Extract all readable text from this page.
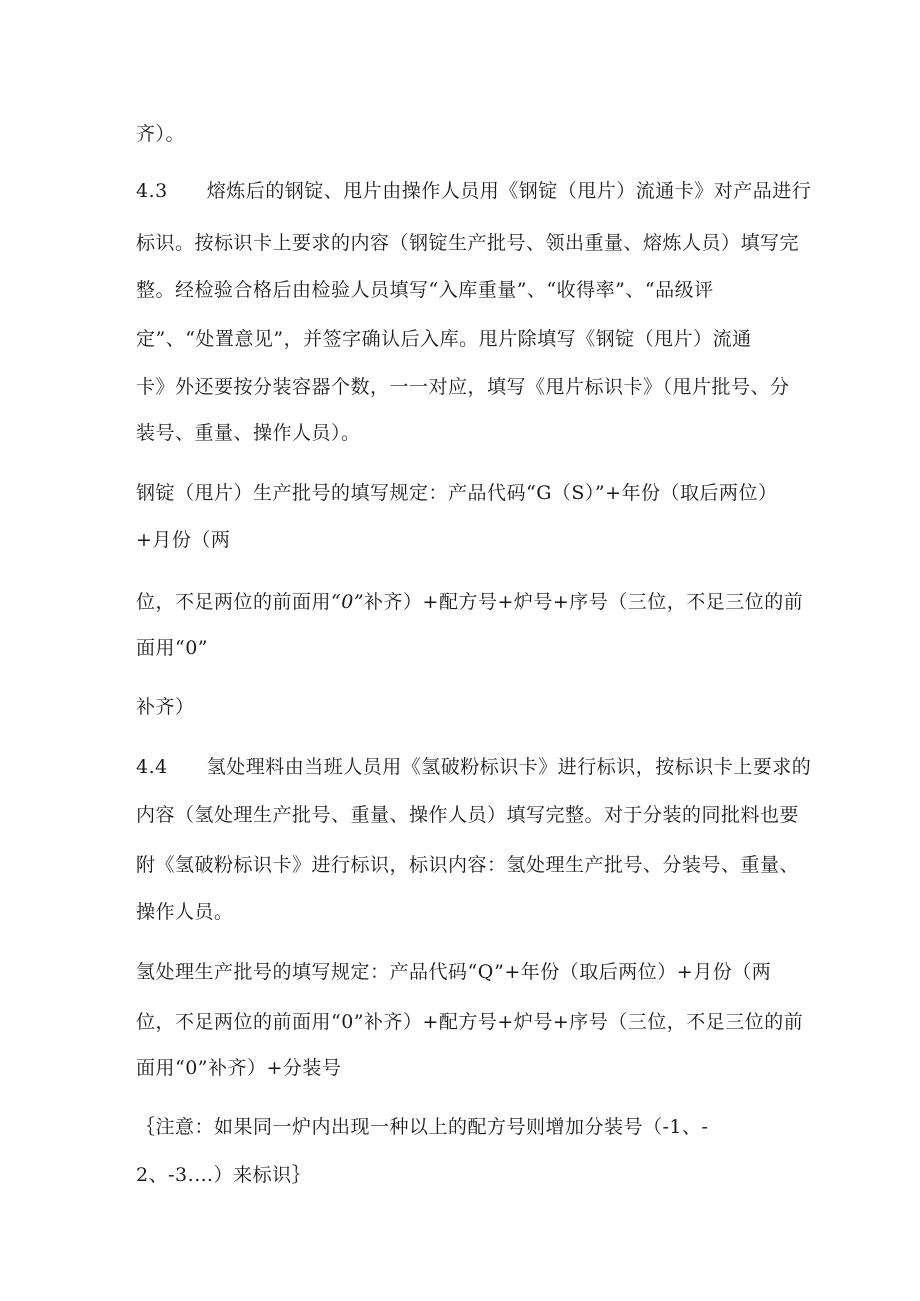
齐）。
4.3　　熔炼后的钢锭、甩片由操作人员用《钢锭（甩片）流通卡》对产品进行
标识。按标识卡上要求的内容（钢锭生产批号、领出重量、熔炼人员）填写完
整。经检验合格后由检验人员填写“入库重量”、“收得率”、“品级评
定”、“处置意见”，并签字确认后入库。甩片除填写《钢锭（甩片）流通
卡》外还要按分装容器个数，一一对应，填写《甩片标识卡》（甩片批号、分
装号、重量、操作人员）。
钢锭（甩片）生产批号的填写规定：产品代码“G（S）”+年份（取后两位）
+月份（两
位，不足两位的前面用“0”补齐）+配方号+炉号+序号（三位，不足三位的前
面用“0”
补齐）
4.4　　氢处理料由当班人员用《氢破粉标识卡》进行标识，按标识卡上要求的
内容（氢处理生产批号、重量、操作人员）填写完整。对于分装的同批料也要
附《氢破粉标识卡》进行标识，标识内容：氢处理生产批号、分装号、重量、
操作人员。
氢处理生产批号的填写规定：产品代码“Q”+年份（取后两位）+月份（两
位，不足两位的前面用“0”补齐）+配方号+炉号+序号（三位，不足三位的前
面用“0”补齐）+分装号
｛注意：如果同一炉内出现一种以上的配方号则增加分装号（-1、-
2、-3.…）来标识｝
